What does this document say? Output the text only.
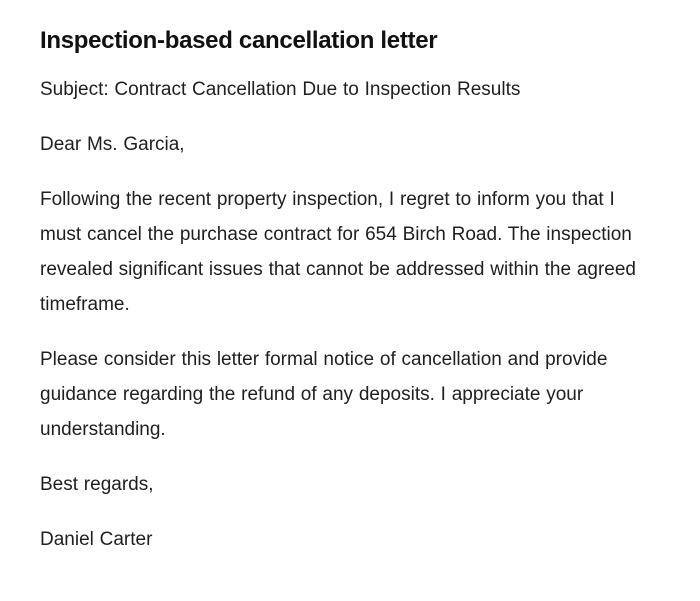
Inspection-based cancellation letter

Subject: Contract Cancellation Due to Inspection Results

Dear Ms. Garcia,

Following the recent property inspection, I regret to inform you that I must cancel the purchase contract for 654 Birch Road. The inspection revealed significant issues that cannot be addressed within the agreed timeframe.

Please consider this letter formal notice of cancellation and provide guidance regarding the refund of any deposits. I appreciate your understanding.

Best regards,

Daniel Carter
